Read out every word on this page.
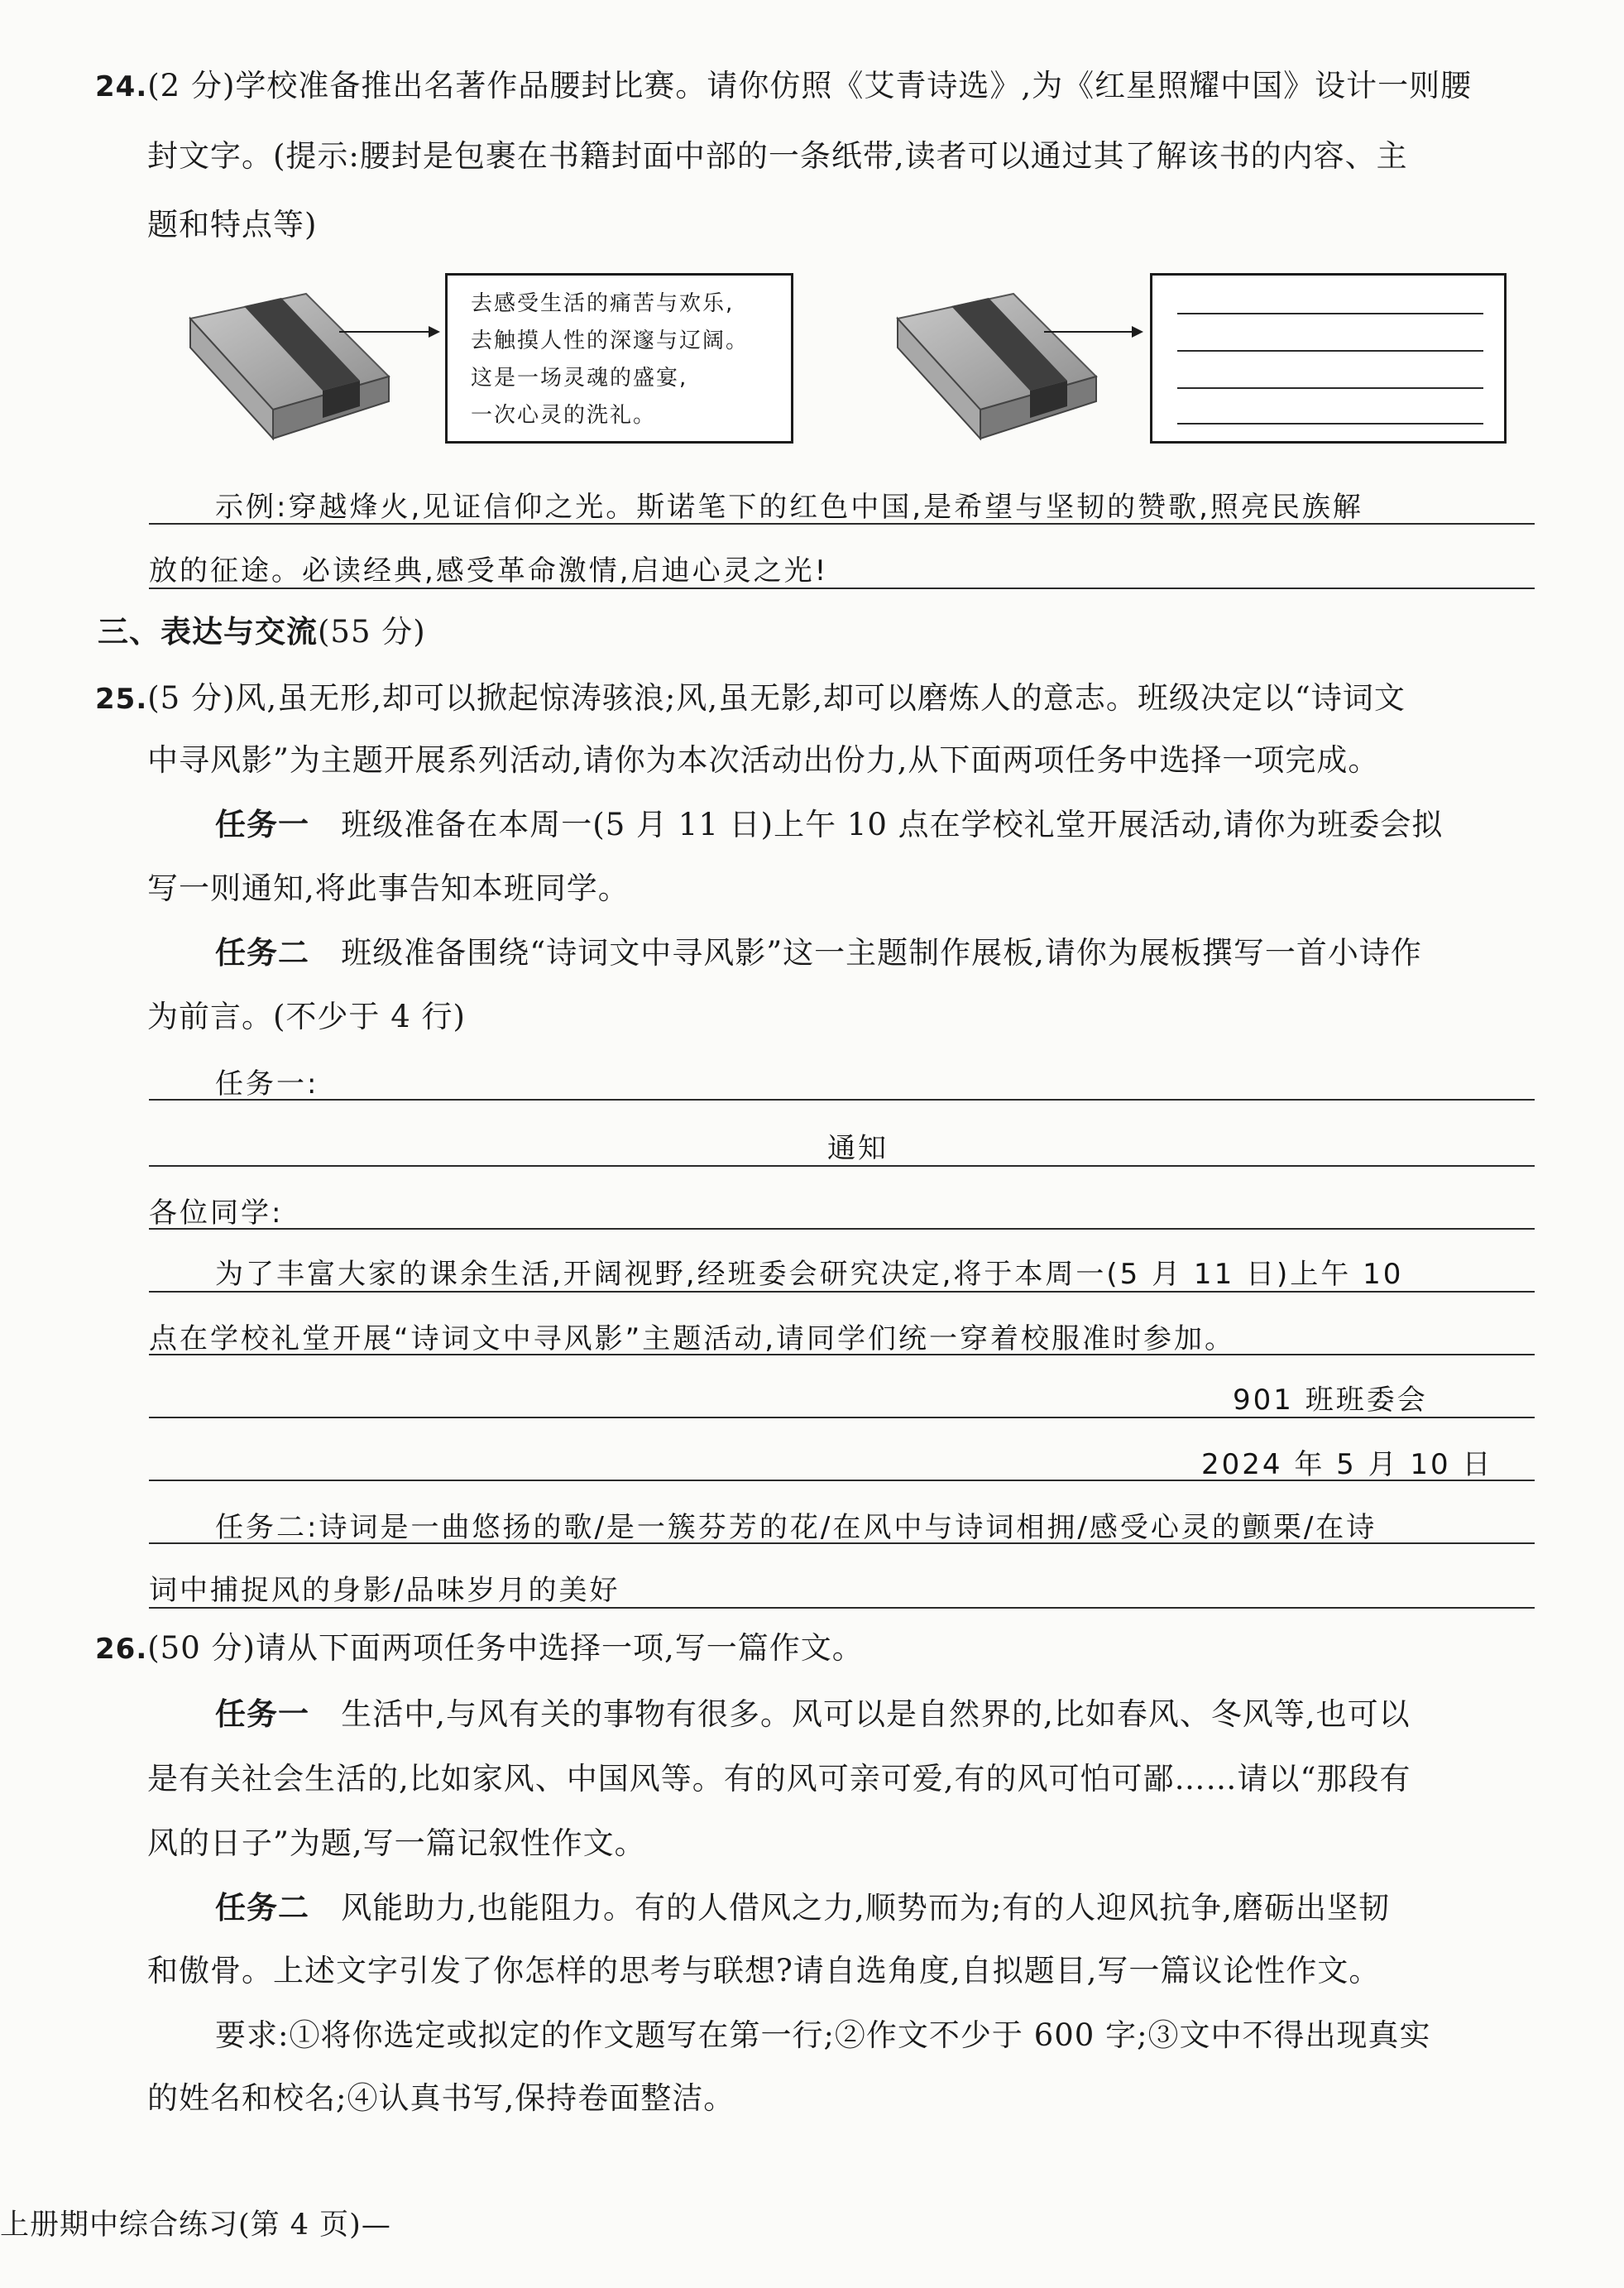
24.(2 分)学校准备推出名著作品腰封比赛。请你仿照《艾青诗选》,为《红星照耀中国》设计一则腰
封文字。(提示:腰封是包裹在书籍封面中部的一条纸带,读者可以通过其了解该书的内容、主
题和特点等)
去感受生活的痛苦与欢乐,
去触摸人性的深邃与辽阔。
这是一场灵魂的盛宴,
一次心灵的洗礼。
示例:穿越烽火,见证信仰之光。斯诺笔下的红色中国,是希望与坚韧的赞歌,照亮民族解
放的征途。必读经典,感受革命激情,启迪心灵之光!
三、表达与交流(55 分)
25.(5 分)风,虽无形,却可以掀起惊涛骇浪;风,虽无影,却可以磨炼人的意志。班级决定以“诗词文
中寻风影”为主题开展系列活动,请你为本次活动出份力,从下面两项任务中选择一项完成。
任务一 班级准备在本周一(5 月 11 日)上午 10 点在学校礼堂开展活动,请你为班委会拟
写一则通知,将此事告知本班同学。
任务二 班级准备围绕“诗词文中寻风影”这一主题制作展板,请你为展板撰写一首小诗作
为前言。(不少于 4 行)
任务一:
通知
各位同学:
为了丰富大家的课余生活,开阔视野,经班委会研究决定,将于本周一(5 月 11 日)上午 10
点在学校礼堂开展“诗词文中寻风影”主题活动,请同学们统一穿着校服准时参加。
901 班班委会
2024 年 5 月 10 日
任务二:诗词是一曲悠扬的歌/是一簇芬芳的花/在风中与诗词相拥/感受心灵的颤栗/在诗
词中捕捉风的身影/品味岁月的美好
26.(50 分)请从下面两项任务中选择一项,写一篇作文。
任务一 生活中,与风有关的事物有很多。风可以是自然界的,比如春风、冬风等,也可以
是有关社会生活的,比如家风、中国风等。有的风可亲可爱,有的风可怕可鄙……请以“那段有
风的日子”为题,写一篇记叙性作文。
任务二 风能助力,也能阻力。有的人借风之力,顺势而为;有的人迎风抗争,磨砺出坚韧
和傲骨。上述文字引发了你怎样的思考与联想?请自选角度,自拟题目,写一篇议论性作文。
要求:①将你选定或拟定的作文题写在第一行;②作文不少于 600 字;③文中不得出现真实
的姓名和校名;④认真书写,保持卷面整洁。
上册期中综合练习(第 4 页)—
